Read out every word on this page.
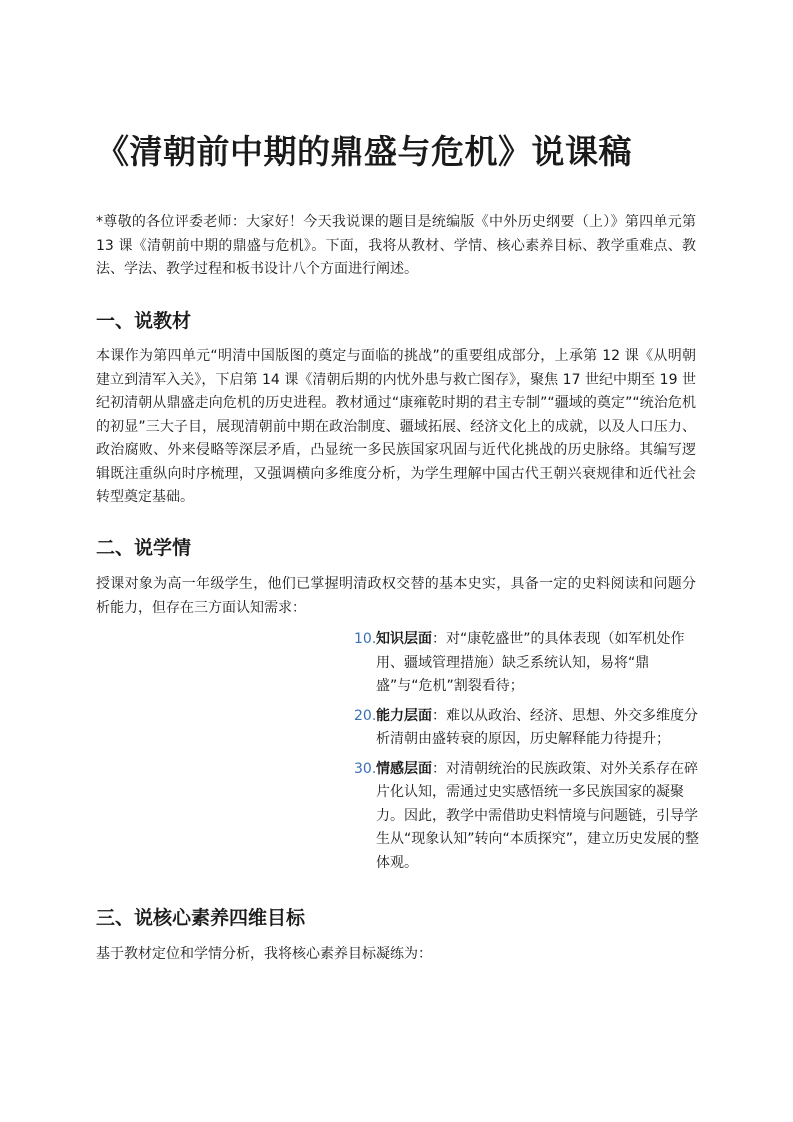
《清朝前中期的鼎盛与危机》说课稿

*尊敬的各位评委老师：大家好！今天我说课的题目是统编版《中外历史纲要（上）》第四单元第 13 课《清朝前中期的鼎盛与危机》。下面，我将从教材、学情、核心素养目标、教学重难点、教法、学法、教学过程和板书设计八个方面进行阐述。

一、说教材

本课作为第四单元“明清中国版图的奠定与面临的挑战”的重要组成部分，上承第 12 课《从明朝建立到清军入关》，下启第 14 课《清朝后期的内忧外患与救亡图存》，聚焦 17 世纪中期至 19 世纪初清朝从鼎盛走向危机的历史进程。教材通过“康雍乾时期的君主专制”“疆域的奠定”“统治危机的初显”三大子目，展现清朝前中期在政治制度、疆域拓展、经济文化上的成就，以及人口压力、政治腐败、外来侵略等深层矛盾，凸显统一多民族国家巩固与近代化挑战的历史脉络。其编写逻辑既注重纵向时序梳理，又强调横向多维度分析，为学生理解中国古代王朝兴衰规律和近代社会转型奠定基础。

二、说学情

授课对象为高一年级学生，他们已掌握明清政权交替的基本史实，具备一定的史料阅读和问题分析能力，但存在三方面认知需求：

10. 知识层面：对“康乾盛世”的具体表现（如军机处作用、疆域管理措施）缺乏系统认知，易将“鼎盛”与“危机”割裂看待；
20. 能力层面：难以从政治、经济、思想、外交多维度分析清朝由盛转衰的原因，历史解释能力待提升；
30. 情感层面：对清朝统治的民族政策、对外关系存在碎片化认知，需通过史实感悟统一多民族国家的凝聚力。因此，教学中需借助史料情境与问题链，引导学生从“现象认知”转向“本质探究”，建立历史发展的整体观。
三、说核心素养四维目标

基于教材定位和学情分析，我将核心素养目标凝练为：
